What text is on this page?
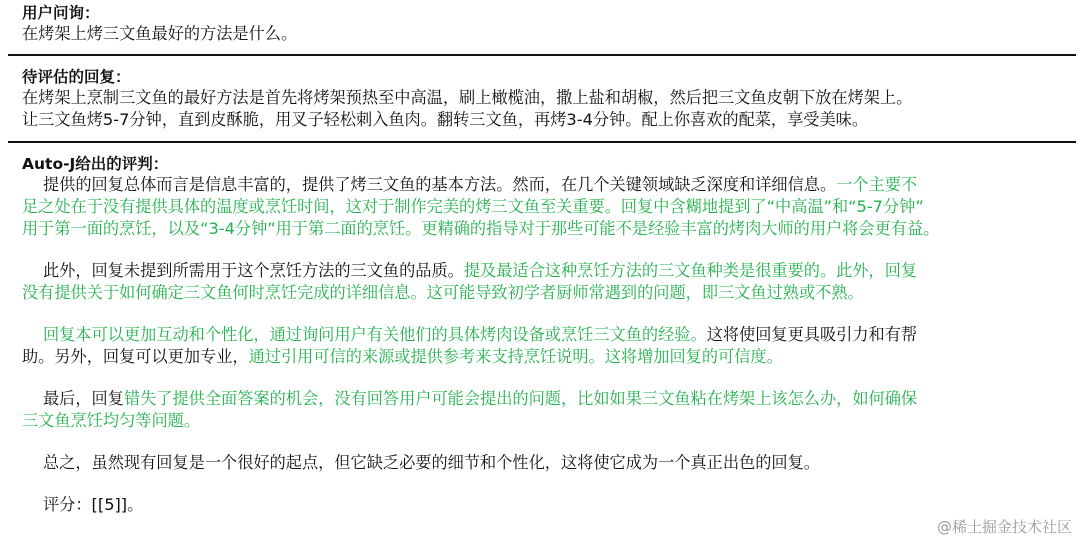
用户问询：
在烤架上烤三文鱼最好的方法是什么。
待评估的回复：
在烤架上烹制三文鱼的最好方法是首先将烤架预热至中高温，刷上橄榄油，撒上盐和胡椒，然后把三文鱼皮朝下放在烤架上。
让三文鱼烤5-7分钟，直到皮酥脆，用叉子轻松刺入鱼肉。翻转三文鱼，再烤3-4分钟。配上你喜欢的配菜，享受美味。
Auto-J给出的评判：
提供的回复总体而言是信息丰富的，提供了烤三文鱼的基本方法。然而，在几个关键领域缺乏深度和详细信息。一个主要不
足之处在于没有提供具体的温度或烹饪时间，这对于制作完美的烤三文鱼至关重要。回复中含糊地提到了“中高温”和“5-7分钟”
用于第一面的烹饪，以及“3-4分钟”用于第二面的烹饪。更精确的指导对于那些可能不是经验丰富的烤肉大师的用户将会更有益。
此外，回复未提到所需用于这个烹饪方法的三文鱼的品质。提及最适合这种烹饪方法的三文鱼种类是很重要的。此外，回复
没有提供关于如何确定三文鱼何时烹饪完成的详细信息。这可能导致初学者厨师常遇到的问题，即三文鱼过熟或不熟。
回复本可以更加互动和个性化，通过询问用户有关他们的具体烤肉设备或烹饪三文鱼的经验。这将使回复更具吸引力和有帮
助。另外，回复可以更加专业，通过引用可信的来源或提供参考来支持烹饪说明。这将增加回复的可信度。
最后，回复错失了提供全面答案的机会，没有回答用户可能会提出的问题，比如如果三文鱼粘在烤架上该怎么办，如何确保
三文鱼烹饪均匀等问题。
总之，虽然现有回复是一个很好的起点，但它缺乏必要的细节和个性化，这将使它成为一个真正出色的回复。
评分：[[5]]。
@稀土掘金技术社区
